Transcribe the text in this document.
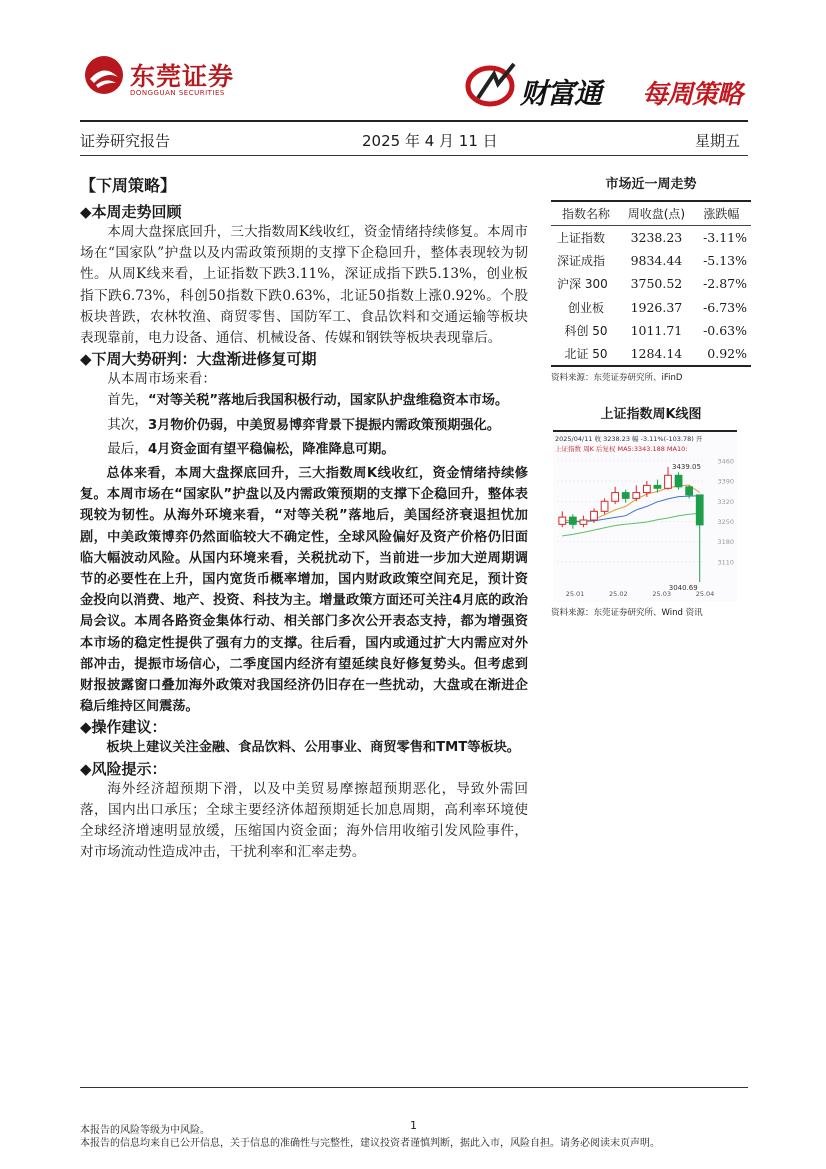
东莞证券
DONGGUAN SECURITIES	财富通 每周策略
证券研究报告	2025 年 4 月 11 日	星期五
【下周策略】
◆本周走势回顾

本周大盘探底回升，三大指数周K线收红，资金情绪持续修复。本周市场在“国家队”护盘以及内需政策预期的支撑下企稳回升，整体表现较为韧性。从周K线来看，上证指数下跌3.11%，深证成指下跌5.13%，创业板指下跌6.73%，科创50指数下跌0.63%，北证50指数上涨0.92%。个股板块普跌，农林牧渔、商贸零售、国防军工、食品饮料和交通运输等板块表现靠前，电力设备、通信、机械设备、传媒和钢铁等板块表现靠后。

◆下周大势研判：大盘渐进修复可期

从本周市场来看：

首先，“对等关税”落地后我国积极行动，国家队护盘维稳资本市场。

其次，3月物价仍弱，中美贸易博弈背景下提振内需政策预期强化。

最后，4月资金面有望平稳偏松，降准降息可期。

总体来看，本周大盘探底回升，三大指数周K线收红，资金情绪持续修复。本周市场在“国家队”护盘以及内需政策预期的支撑下企稳回升，整体表现较为韧性。从海外环境来看，“对等关税”落地后，美国经济衰退担忧加剧，中美政策博弈仍然面临较大不确定性，全球风险偏好及资产价格仍旧面临大幅波动风险。从国内环境来看，关税扰动下，当前进一步加大逆周期调节的必要性在上升，国内宽货币概率增加，国内财政政策空间充足，预计资金投向以消费、地产、投资、科技为主。增量政策方面还可关注4月底的政治局会议。本周各路资金集体行动、相关部门多次公开表态支持，都为增强资本市场的稳定性提供了强有力的支撑。往后看，国内或通过扩大内需应对外部冲击，提振市场信心，二季度国内经济有望延续良好修复势头。但考虑到财报披露窗口叠加海外政策对我国经济仍旧存在一些扰动，大盘或在渐进企稳后维持区间震荡。

◆操作建议：

板块上建议关注金融、食品饮料、公用事业、商贸零售和TMT等板块。

◆风险提示：

海外经济超预期下滑，以及中美贸易摩擦超预期恶化，导致外需回落，国内出口承压；全球主要经济体超预期延长加息周期，高利率环境使全球经济增速明显放缓，压缩国内资金面；海外信用收缩引发风险事件，对市场流动性造成冲击，干扰利率和汇率走势。

市场近一周走势
指数名称	周收盘(点)	涨跌幅
上证指数	3238.23	-3.11%
深证成指	9834.44	-5.13%
沪深 300	3750.52	-2.87%
创业板	1926.37	-6.73%
科创 50	1011.71	-0.63%
北证 50	1284.14	0.92%
资料来源：东莞证券研究所、iFinD
上证指数周K线图
2025/04/11 收 3238.23 幅 -3.11%(-103.78) 开
上证指数 周K 后复权 MA5:3343.188 MA10:
3110
3180
3250
3320
3390
3460
3439.05
3040.69
25.01	25.02	25.03	25.04
资料来源：东莞证券研究所、Wind 资讯
本报告的风险等级为中风险。	1
本报告的信息均来自已公开信息，关于信息的准确性与完整性，建议投资者谨慎判断，据此入市，风险自担。请务必阅读末页声明。
